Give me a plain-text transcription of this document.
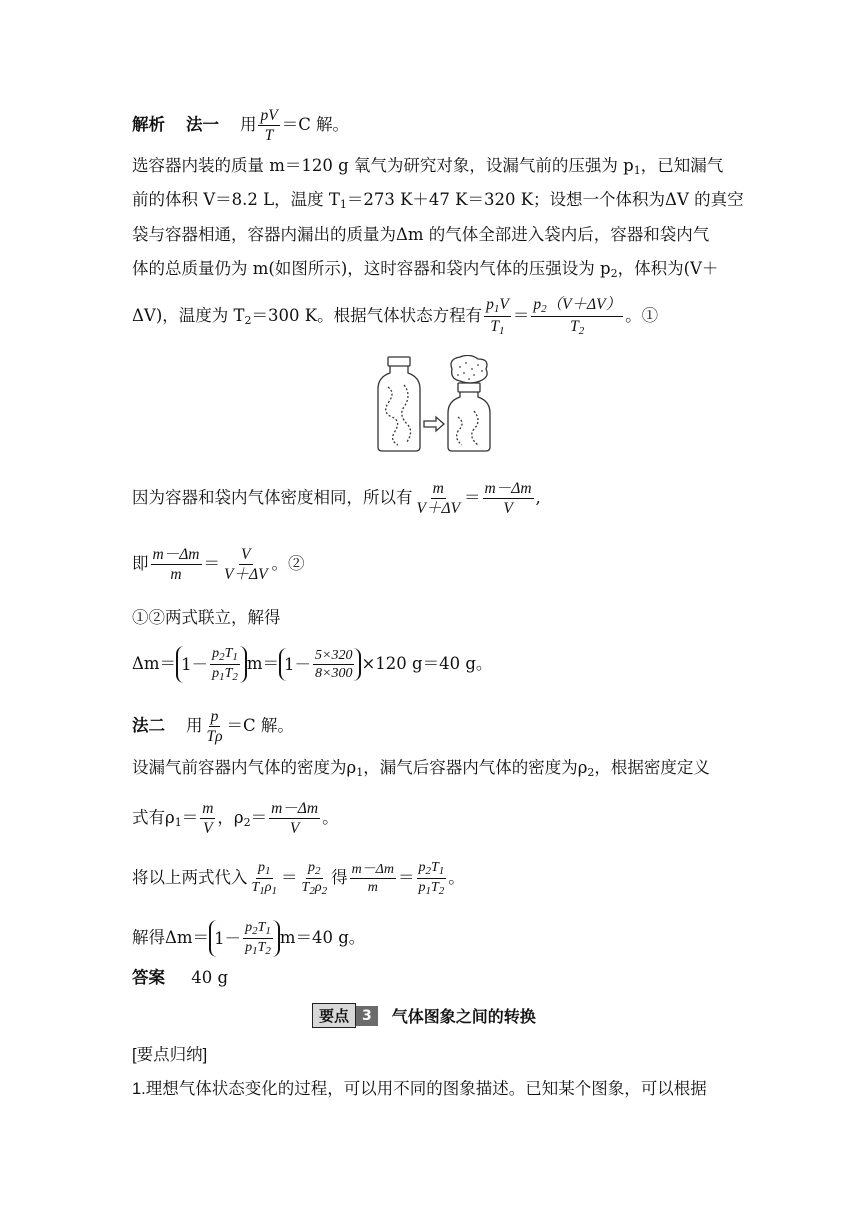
解析 法一 用 $\frac{pV}{T} =C$ 解。
选容器内装的质量 m＝120 g 氧气为研究对象，设漏气前的压强为 $p_1$，已知漏气
前的体积 V＝8.2 L，温度 $T_1=273$ K＋47 K＝320 K；设想一个体积为ΔV 的真空
袋与容器相通，容器内漏出的质量为Δm 的气体全部进入袋内后，容器和袋内气
体的总质量仍为 m(如图所示)，这时容器和袋内气体的压强设为 $p_2$，体积为(V＋
ΔV)，温度为 $T_2=300$ K。根据气体状态方程有 $\frac{p_1V}{T_1} = \frac{p_2(V+\Delta V)}{T_2}$ 。①
因为容器和袋内气体密度相同，所以有 $\frac{m}{V+\Delta V} = \frac{m-\Delta m}{V}$ ,
即 $\frac{m-\Delta m}{m} = \frac{V}{V+\Delta V}$ 。②
①②两式联立，解得
$\Delta m= 1- \frac{p_2T_1}{p_1T_2} m= 1- \frac{5\times 320}{8\times 300} \times 120$ g＝40 g。
法二 用 $\frac{p}{T\rho} =C$ 解。
设漏气前容器内气体的密度为$\rho_1$，漏气后容器内气体的密度为$\rho_2$，根据密度定义
式有$\rho_1= \frac{m}{V}$ ，$\rho_2= \frac{m-\Delta m}{V}$ 。
将以上两式代入 $\frac{p_1}{T_1\rho_1} = \frac{p_2}{T_2\rho_2}$ 得 $\frac{m-\Delta m}{m} = \frac{p_2T_1}{p_1T_2}$ 。
解得$\Delta m= 1- \frac{p_2T_1}{p_1T_2} m=40$ g。
答案 40 g
要点 3	气体图象之间的转换
[要点归纳]
1.理想气体状态变化的过程，可以用不同的图象描述。已知某个图象，可以根据
